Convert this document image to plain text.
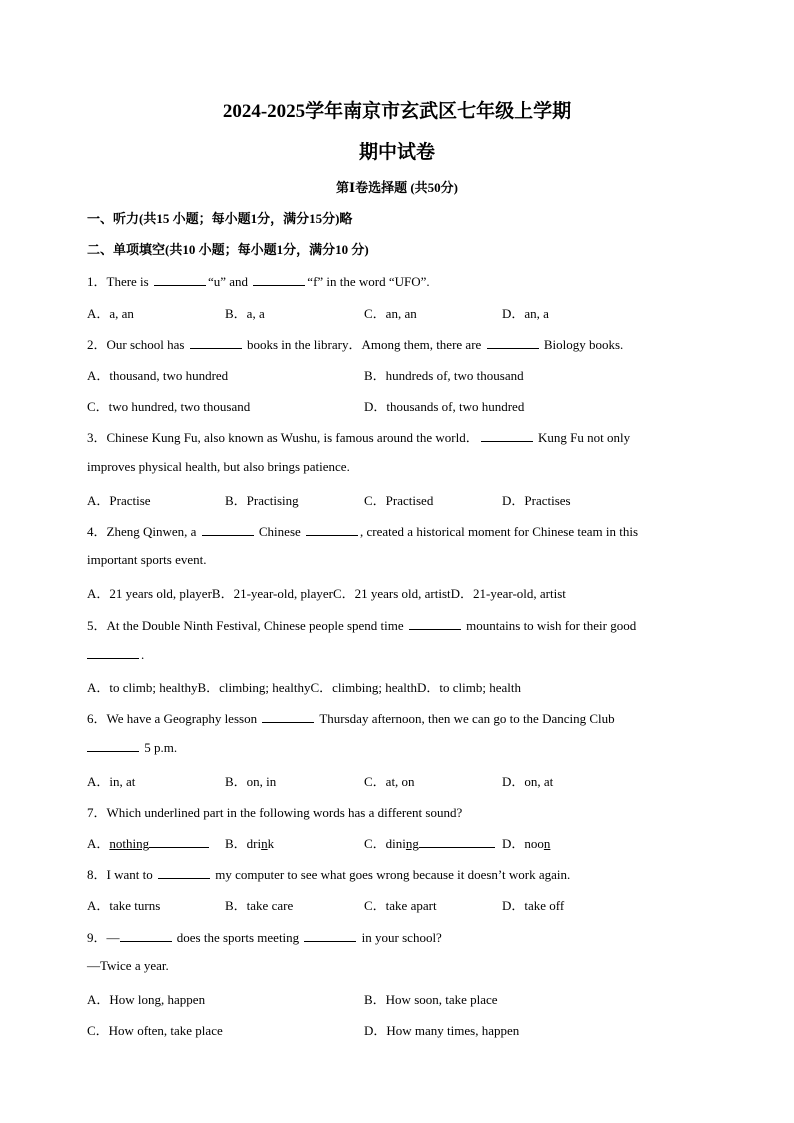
2024-2025学年南京市玄武区七年级上学期
期中试卷
第Ⅰ卷选择题 (共50分)
一、听力(共15 小题；每小题1分，满分15分)略
二、单项填空(共10 小题；每小题1分，满分10 分)
1．There is	“u” and	“f” in the word “UFO”.
A．a, an	B．a, a	C．an, an	D．an, a
2．Our school has	books in the library．Among them, there are	Biology books.
A．thousand, two hundred	B．hundreds of, two thousand
C．two hundred, two thousand	D．thousands of, two hundred
3．Chinese Kung Fu, also known as Wushu, is famous around the world．	Kung Fu not only
improves physical health, but also brings patience.
A．Practise	B．Practising	C．Practised	D．Practises
4．Zheng Qinwen, a	Chinese	, created a historical moment for Chinese team in this
important sports event.
A．21 years old, playerB．21-year-old, playerC．21 years old, artistD．21-year-old, artist
5．At the Double Ninth Festival, Chinese people spend time	mountains to wish for their good
.
A．to climb; healthyB．climbing; healthyC．climbing; healthD．to climb; health
6．We have a Geography lesson	Thursday afternoon, then we can go to the Dancing Club
5 p.m.
A．in, at	B．on, in	C．at, on	D．on, at
7．Which underlined part in the following words has a different sound?
A．nothing	B．drink	C．dining	D．noon
8．I want to	my computer to see what goes wrong because it doesn’t work again.
A．take turns	B．take care	C．take apart	D．take off
9．—	does the sports meeting	in your school?
—Twice a year.
A．How long, happen	B．How soon, take place
C．How often, take place	D．How many times, happen
